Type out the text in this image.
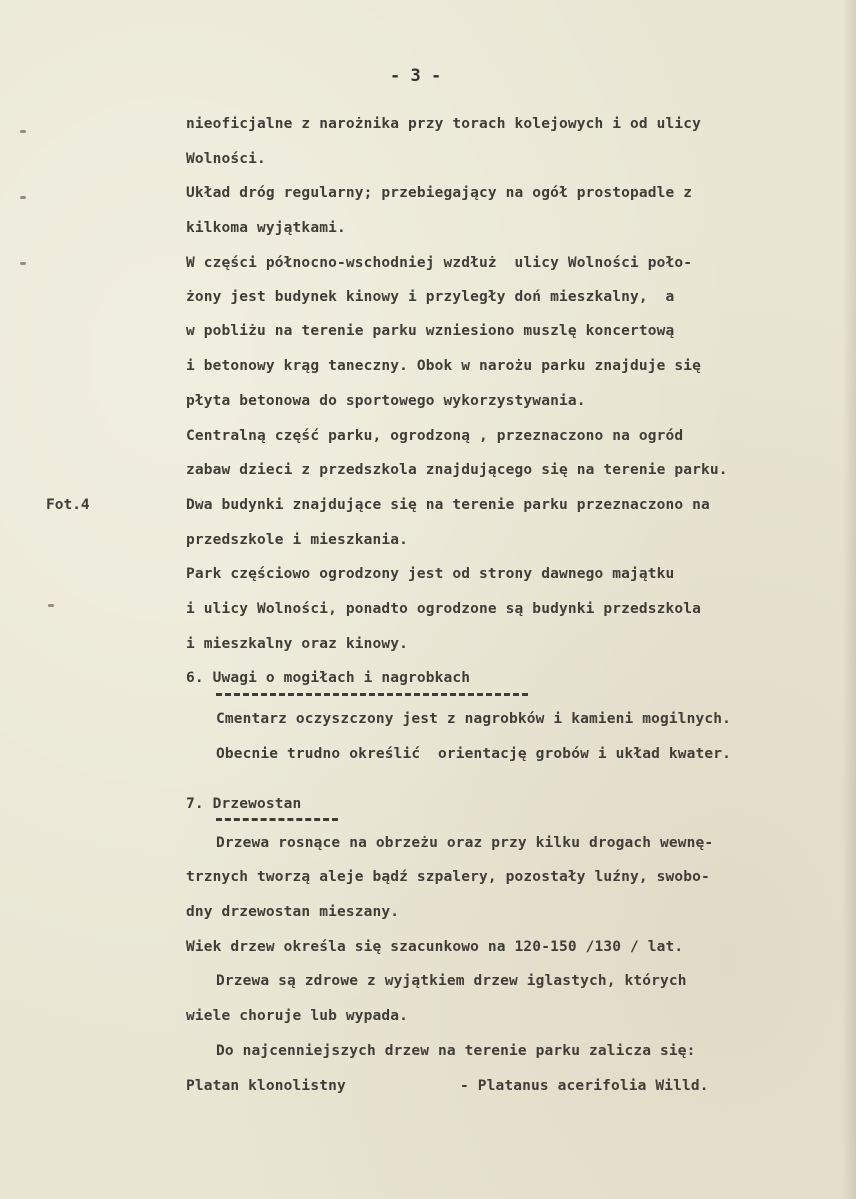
- 3 -
Fot.4
nieoficjalne z narożnika przy torach kolejowych i od ulicy
Wolności.
Układ dróg regularny; przebiegający na ogół prostopadle z
kilkoma wyjątkami.
W części północno-wschodniej wzdłuż  ulicy Wolności poło-
żony jest budynek kinowy i przyległy doń mieszkalny,  a
w pobliżu na terenie parku wzniesiono muszlę koncertową
i betonowy krąg taneczny. Obok w narożu parku znajduje się
płyta betonowa do sportowego wykorzystywania.
Centralną część parku, ogrodzoną , przeznaczono na ogród
zabaw dzieci z przedszkola znajdującego się na terenie parku.
Dwa budynki znajdujące się na terenie parku przeznaczono na
przedszkole i mieszkania.
Park częściowo ogrodzony jest od strony dawnego majątku
i ulicy Wolności, ponadto ogrodzone są budynki przedszkola
i mieszkalny oraz kinowy.
6. Uwagi o mogiłach i nagrobkach
Cmentarz oczyszczony jest z nagrobków i kamieni mogilnych.
Obecnie trudno określić  orientację grobów i układ kwater.
7. Drzewostan
Drzewa rosnące na obrzeżu oraz przy kilku drogach wewnę-
trznych tworzą aleje bądź szpalery, pozostały luźny, swobo-
dny drzewostan mieszany.
Wiek drzew określa się szacunkowo na 120-150 /130 / lat.
Drzewa są zdrowe z wyjątkiem drzew iglastych, których
wiele choruje lub wypada.
Do najcenniejszych drzew na terenie parku zalicza się:
Platan klonolistny	- Platanus acerifolia Willd.
